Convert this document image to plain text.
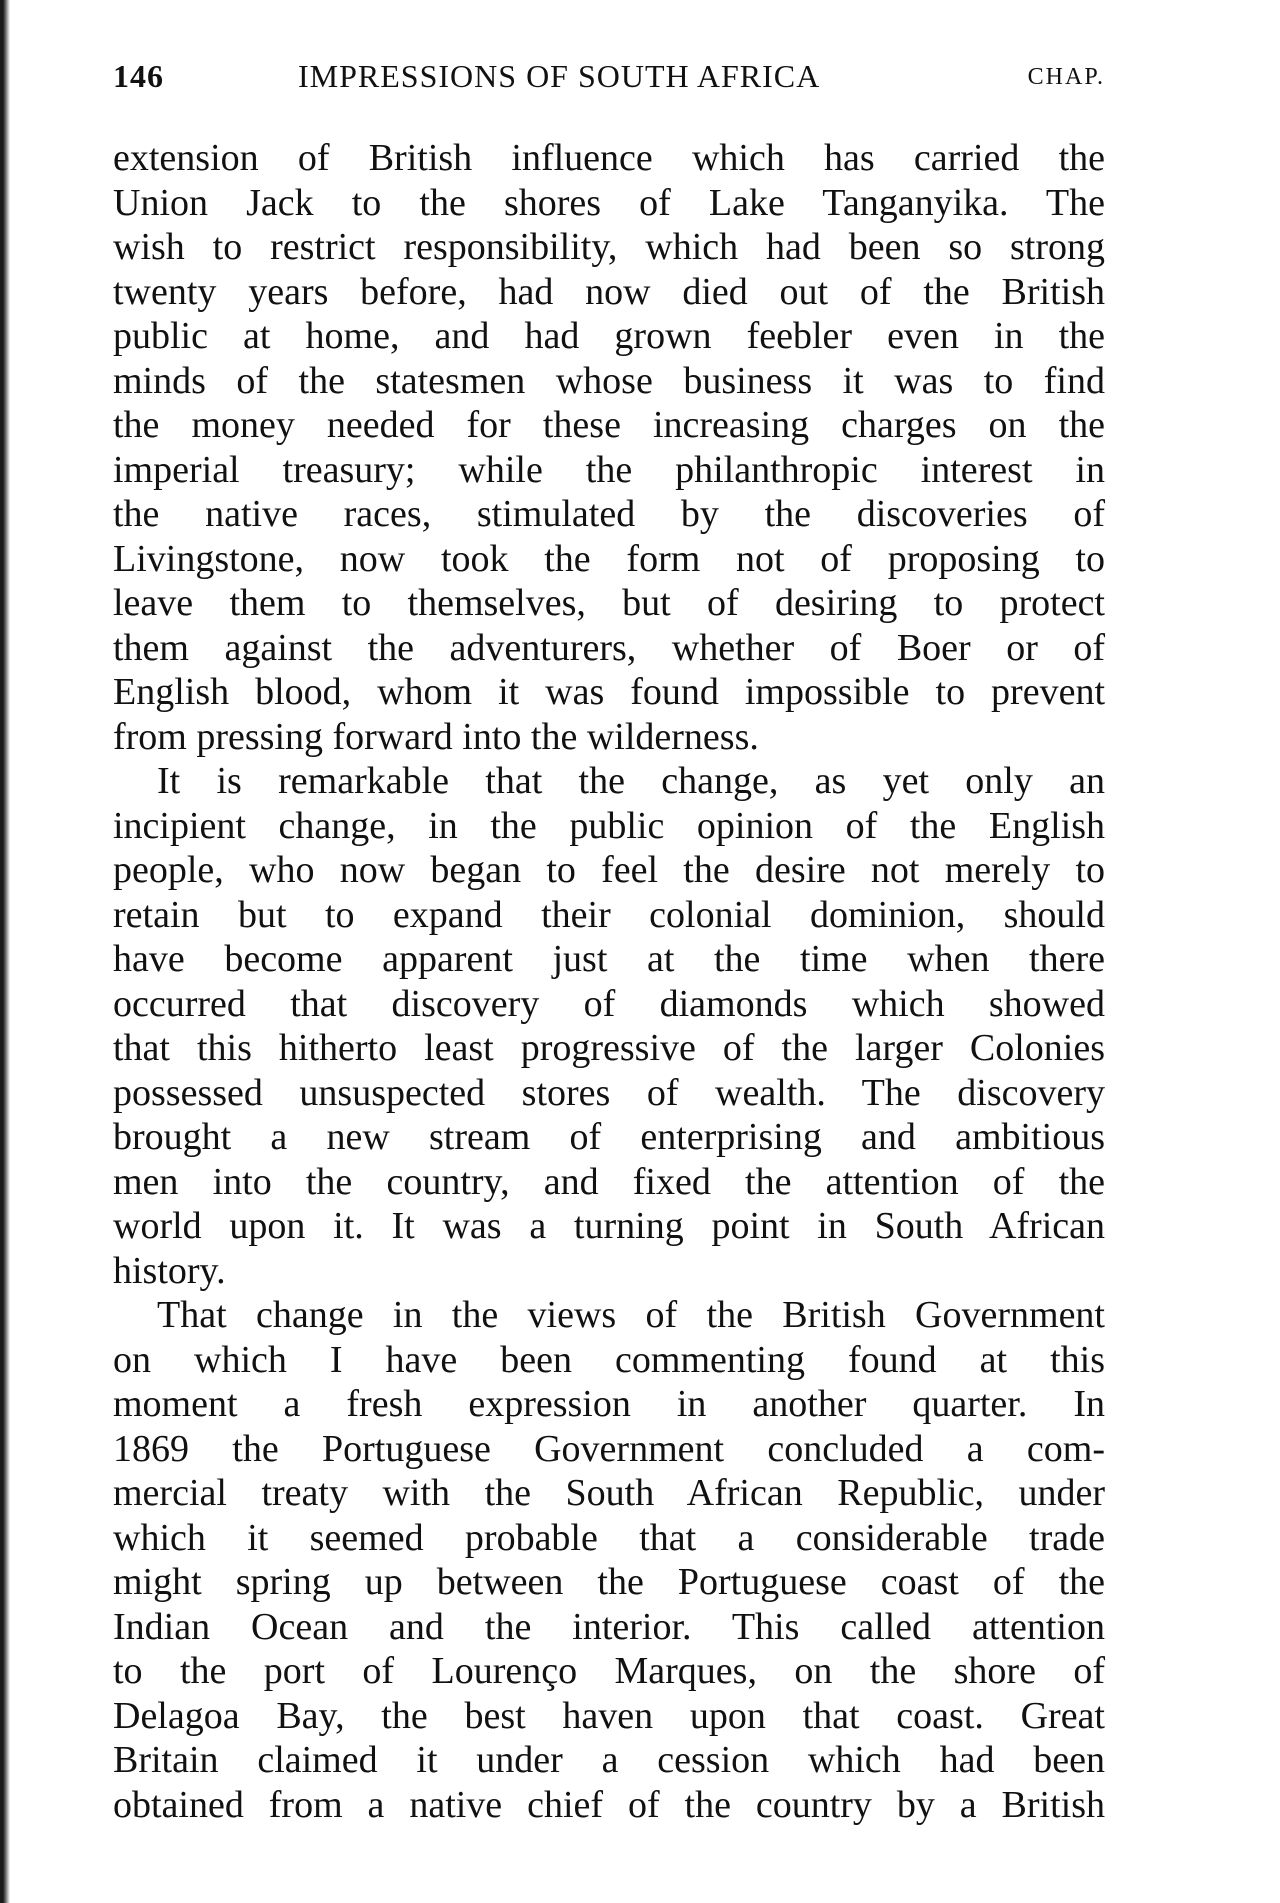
146	IMPRESSIONS OF SOUTH AFRICA	CHAP.
extension of British influence which has carried the
Union Jack to the shores of Lake Tanganyika. The
wish to restrict responsibility, which had been so strong
twenty years before, had now died out of the British
public at home, and had grown feebler even in the
minds of the statesmen whose business it was to find
the money needed for these increasing charges on the
imperial treasury; while the philanthropic interest in
the native races, stimulated by the discoveries of
Livingstone, now took the form not of proposing to
leave them to themselves, but of desiring to protect
them against the adventurers, whether of Boer or of
English blood, whom it was found impossible to prevent
from pressing forward into the wilderness.
It is remarkable that the change, as yet only an
incipient change, in the public opinion of the English
people, who now began to feel the desire not merely to
retain but to expand their colonial dominion, should
have become apparent just at the time when there
occurred that discovery of diamonds which showed
that this hitherto least progressive of the larger Colonies
possessed unsuspected stores of wealth. The discovery
brought a new stream of enterprising and ambitious
men into the country, and fixed the attention of the
world upon it. It was a turning point in South African
history.
That change in the views of the British Government
on which I have been commenting found at this
moment a fresh expression in another quarter. In
1869 the Portuguese Government concluded a com-
mercial treaty with the South African Republic, under
which it seemed probable that a considerable trade
might spring up between the Portuguese coast of the
Indian Ocean and the interior. This called attention
to the port of Lourenço Marques, on the shore of
Delagoa Bay, the best haven upon that coast. Great
Britain claimed it under a cession which had been
obtained from a native chief of the country by a British
